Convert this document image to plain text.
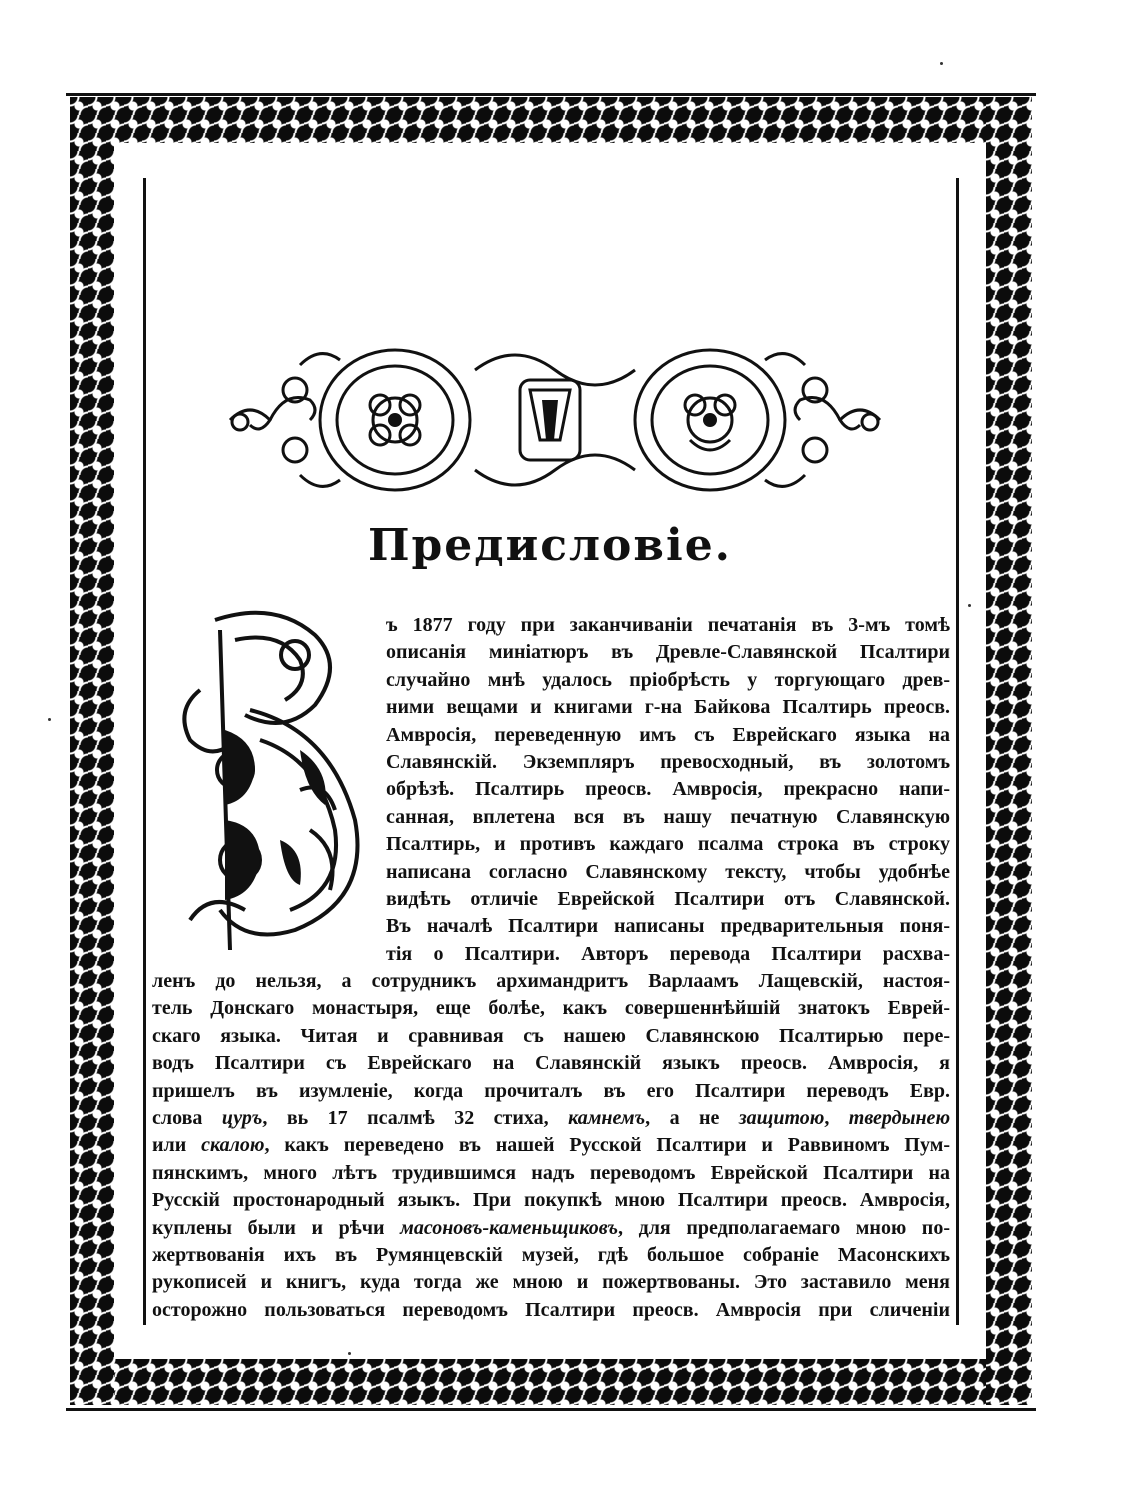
Предисловіе.
ъ 1877 году при заканчиваніи печатанія въ 3-мъ томѣ
описанія миніатюръ въ Древле-Славянской Псалтири
случайно мнѣ удалось пріобрѣсть у торгующаго древ-
ними вещами и книгами г-на Байкова Псалтирь преосв.
Амвросія, переведенную имъ съ Еврейскаго языка на
Славянскій. Экземпляръ превосходный, въ золотомъ
обрѣзѣ. Псалтирь преосв. Амвросія, прекрасно напи-
санная, вплетена вся въ нашу печатную Славянскую
Псалтирь, и противъ каждаго псалма строка въ строку
написана согласно Славянскому тексту, чтобы удобнѣе
видѣть отличіе Еврейской Псалтири отъ Славянской.
Въ началѣ Псалтири написаны предварительныя поня-
тія о Псалтири. Авторъ перевода Псалтири расхва-
ленъ до нельзя, а сотрудникъ архимандритъ Варлаамъ Лащевскій, настоя-
тель Донскаго монастыря, еще болѣе, какъ совершеннѣйшій знатокъ Еврей-
скаго языка. Читая и сравнивая съ нашею Славянскою Псалтирью пере-
водъ Псалтири съ Еврейскаго на Славянскій языкъ преосв. Амвросія, я
пришелъ въ изумленіе, когда прочиталъ въ его Псалтири переводъ Евр.
слова цуръ, вь 17 псалмѣ 32 стиха, камнемъ, а не защитою, твердынею
или скалою, какъ переведено въ нашей Русской Псалтири и Раввиномъ Пум-
пянскимъ, много лѣтъ трудившимся надъ переводомъ Еврейской Псалтири на
Русскій простонародный языкъ. При покупкѣ мною Псалтири преосв. Амвросія,
куплены были и рѣчи масоновъ-каменьщиковъ, для предполагаемаго мною по-
жертвованія ихъ въ Румянцевскій музей, гдѣ большое собраніе Масонскихъ
рукописей и книгъ, куда тогда же мною и пожертвованы. Это заставило меня
осторожно пользоваться переводомъ Псалтири преосв. Амвросія при сличеніи
